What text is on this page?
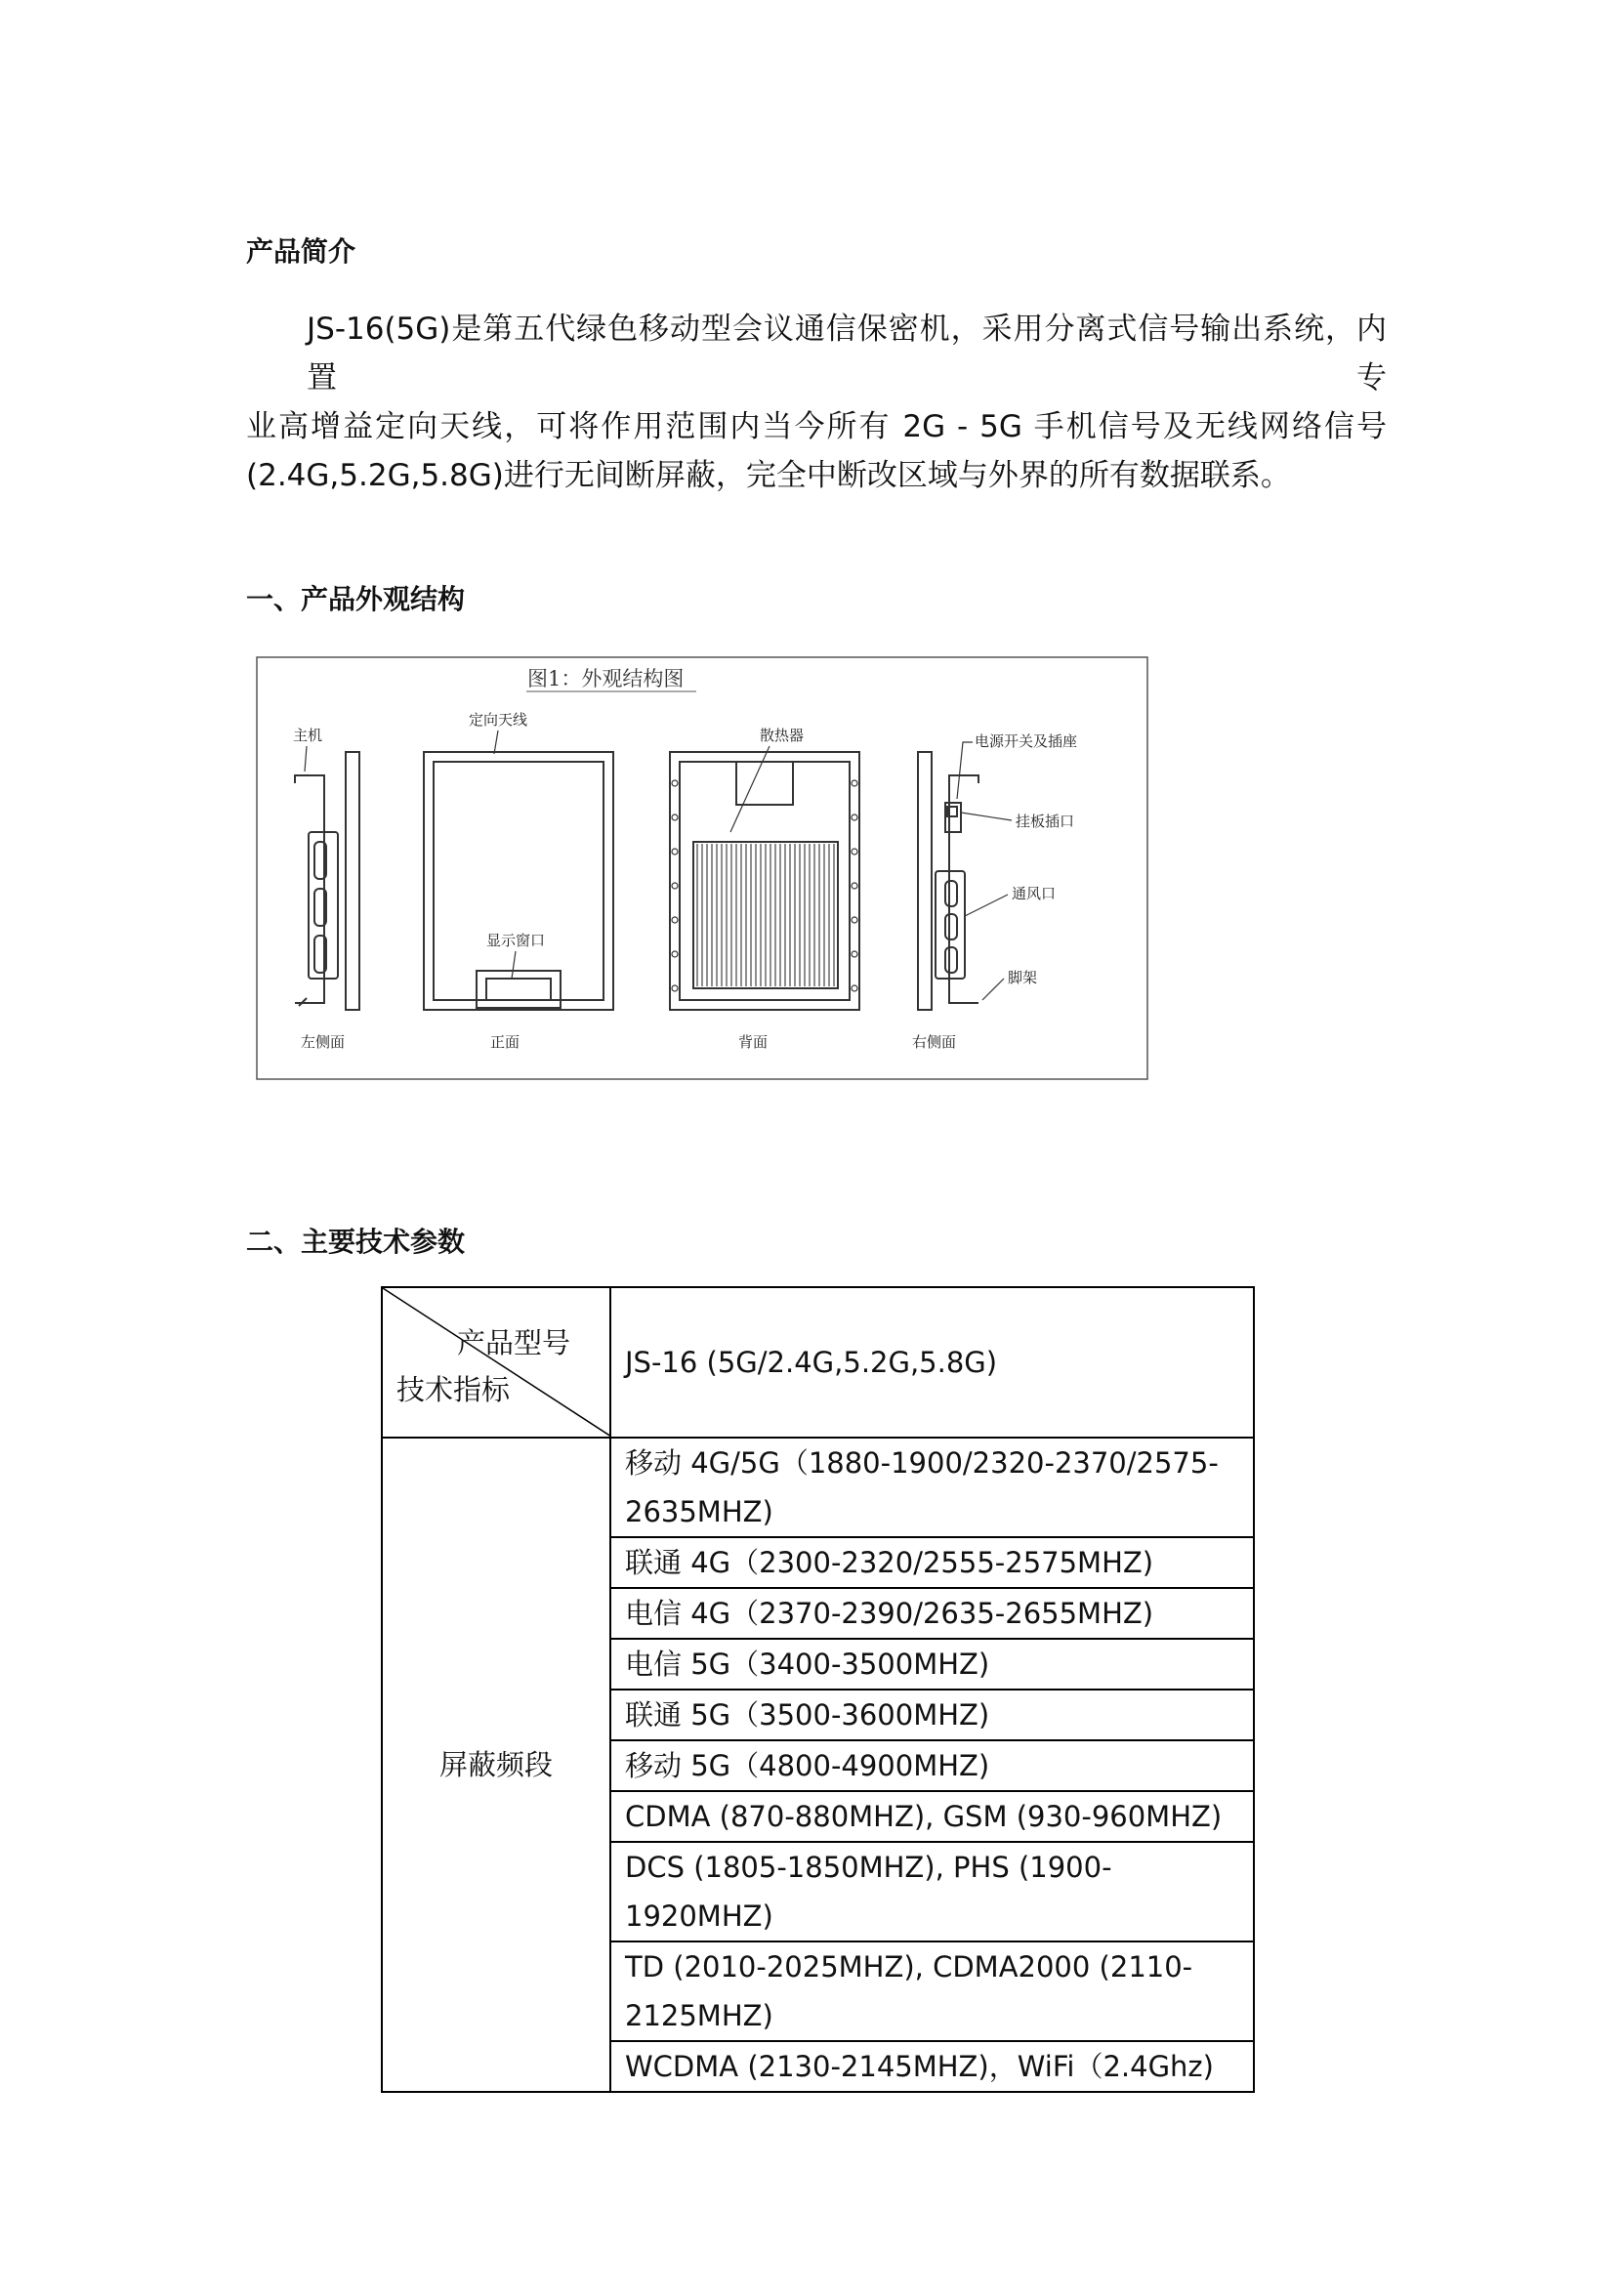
产品简介

JS-16(5G)是第五代绿色移动型会议通信保密机，采用分离式信号输出系统，内置专
业高增益定向天线，可将作用范围内当今所有 2G - 5G 手机信号及无线网络信号
(2.4G,5.2G,5.8G)进行无间断屏蔽，完全中断改区域与外界的所有数据联系。

一、产品外观结构
图1：外观结构图
主机
左侧面
定向天线
显示窗口
正面
散热器
背面
电源开关及插座
挂板插口
通风口
脚架
右侧面
二、主要技术参数
产品型号
技术指标	JS-16 (5G/2.4G,5.2G,5.8G)
屏蔽频段	移动 4G/5G（1880-1900/2320-2370/2575-2635MHZ)
	联通 4G（2300-2320/2555-2575MHZ)
	电信 4G（2370-2390/2635-2655MHZ)
	电信 5G（3400-3500MHZ)
	联通 5G（3500-3600MHZ)
	移动 5G（4800-4900MHZ)
	CDMA (870-880MHZ), GSM (930-960MHZ)
	DCS (1805-1850MHZ), PHS (1900-1920MHZ)
	TD (2010-2025MHZ), CDMA2000 (2110-2125MHZ)
	WCDMA (2130-2145MHZ)，WiFi（2.4Ghz)
